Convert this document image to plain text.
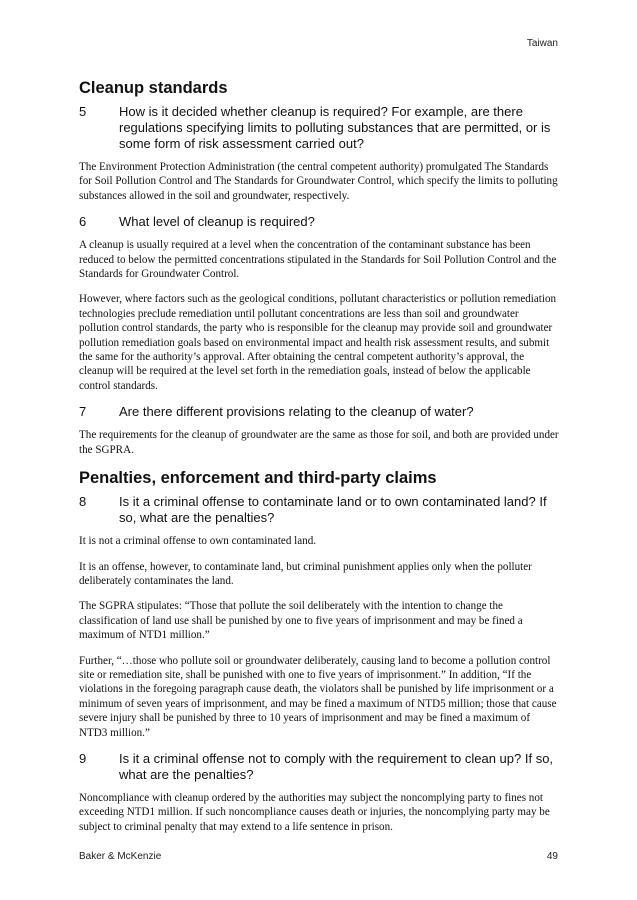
Taiwan
Cleanup standards
5	How is it decided whether cleanup is required? For example, are there regulations specifying limits to polluting substances that are permitted, or is some form of risk assessment carried out?

The Environment Protection Administration (the central competent authority) promulgated The Standards for Soil Pollution Control and The Standards for Groundwater Control, which specify the limits to polluting substances allowed in the soil and groundwater, respectively.

6	What level of cleanup is required?

A cleanup is usually required at a level when the concentration of the contaminant substance has been reduced to below the permitted concentrations stipulated in the Standards for Soil Pollution Control and the Standards for Groundwater Control.

However, where factors such as the geological conditions, pollutant characteristics or pollution remediation technologies preclude remediation until pollutant concentrations are less than soil and groundwater pollution control standards, the party who is responsible for the cleanup may provide soil and groundwater pollution remediation goals based on environmental impact and health risk assessment results, and submit the same for the authority’s approval. After obtaining the central competent authority’s approval, the cleanup will be required at the level set forth in the remediation goals, instead of below the applicable control standards.

7	Are there different provisions relating to the cleanup of water?

The requirements for the cleanup of groundwater are the same as those for soil, and both are provided under the SGPRA.

Penalties, enforcement and third-party claims
8	Is it a criminal offense to contaminate land or to own contaminated land? If so, what are the penalties?

It is not a criminal offense to own contaminated land.

It is an offense, however, to contaminate land, but criminal punishment applies only when the polluter deliberately contaminates the land.

The SGPRA stipulates: “Those that pollute the soil deliberately with the intention to change the classification of land use shall be punished by one to five years of imprisonment and may be fined a maximum of NTD1 million.”

Further, “…those who pollute soil or groundwater deliberately, causing land to become a pollution control site or remediation site, shall be punished with one to five years of imprisonment.” In addition, “If the violations in the foregoing paragraph cause death, the violators shall be punished by life imprisonment or a minimum of seven years of imprisonment, and may be fined a maximum of NTD5 million; those that cause severe injury shall be punished by three to 10 years of imprisonment and may be fined a maximum of NTD3 million.”

9	Is it a criminal offense not to comply with the requirement to clean up? If so, what are the penalties?

Noncompliance with cleanup ordered by the authorities may subject the noncomplying party to fines not exceeding NTD1 million. If such noncompliance causes death or injuries, the noncomplying party may be subject to criminal penalty that may extend to a life sentence in prison.

Baker & McKenzie	49
